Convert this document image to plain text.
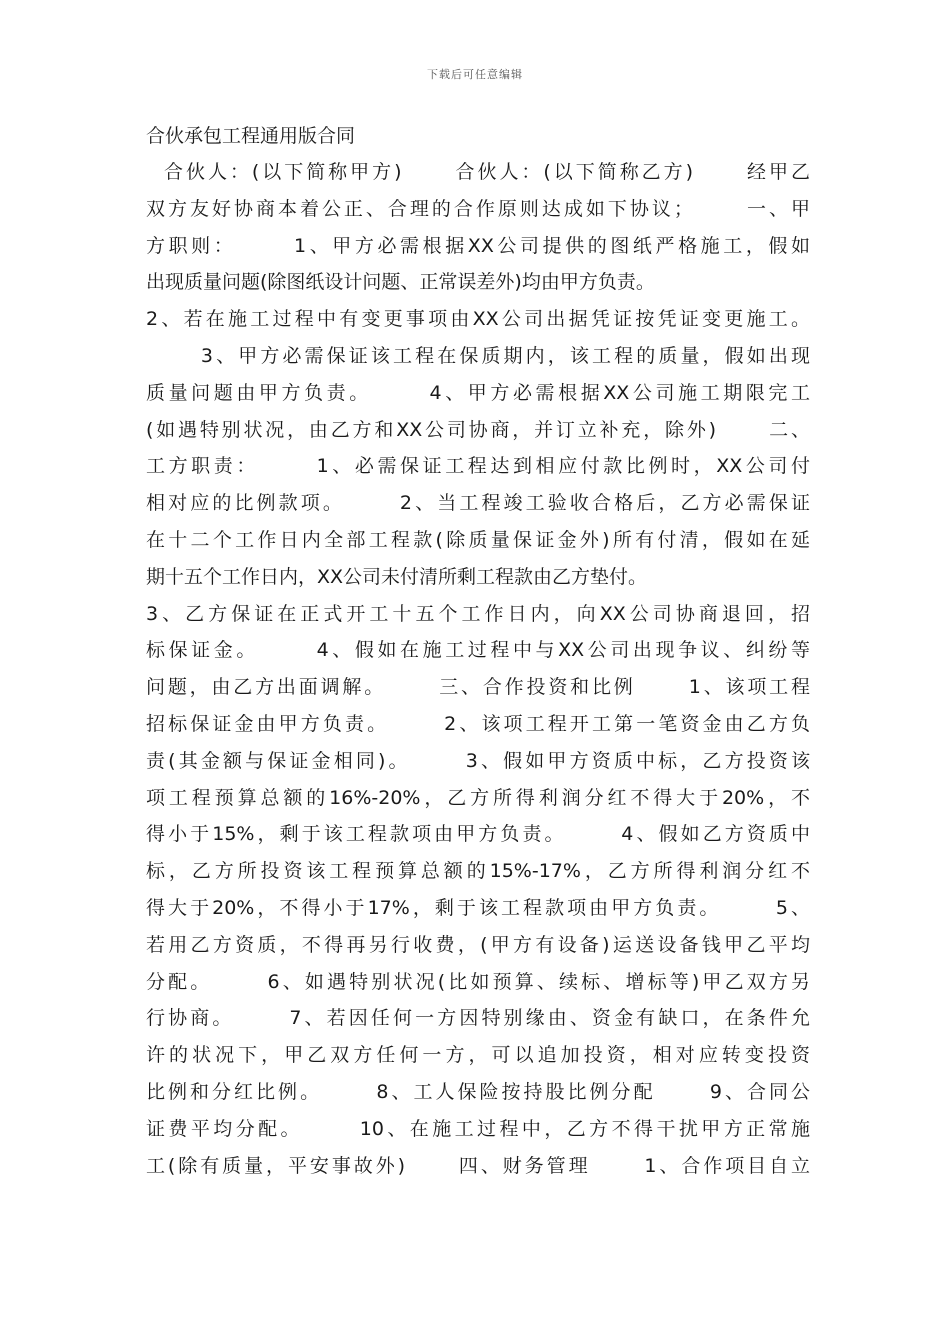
下载后可任意编辑
合伙承包工程通用版合同
合伙人：(以下简称甲方)      合伙人：(以下简称乙方)      经甲乙
双方友好协商本着公正、合理的合作原则达成如下协议；      一、甲
方职则：      1、甲方必需根据XX公司提供的图纸严格施工，假如
出现质量问题(除图纸设计问题、正常误差外)均由甲方负责。
2、若在施工过程中有变更事项由XX公司出据凭证按凭证变更施工。
3、甲方必需保证该工程在保质期内，该工程的质量，假如出现
质量问题由甲方负责。      4、甲方必需根据XX公司施工期限完工
(如遇特别状况，由乙方和XX公司协商，并订立补充，除外)      二、
工方职责：      1、必需保证工程达到相应付款比例时，XX公司付
相对应的比例款项。      2、当工程竣工验收合格后，乙方必需保证
在十二个工作日内全部工程款(除质量保证金外)所有付清，假如在延
期十五个工作日内，XX公司未付清所剩工程款由乙方垫付。
3、乙方保证在正式开工十五个工作日内，向XX公司协商退回，招
标保证金。      4、假如在施工过程中与XX公司出现争议、纠纷等
问题，由乙方出面调解。      三、合作投资和比例      1、该项工程
招标保证金由甲方负责。      2、该项工程开工第一笔资金由乙方负
责(其金额与保证金相同)。      3、假如甲方资质中标，乙方投资该
项工程预算总额的16%-20%，乙方所得利润分红不得大于20%，不
得小于15%，剩于该工程款项由甲方负责。      4、假如乙方资质中
标，乙方所投资该工程预算总额的15%-17%，乙方所得利润分红不
得大于20%，不得小于17%，剩于该工程款项由甲方负责。      5、
若用乙方资质，不得再另行收费，(甲方有设备)运送设备钱甲乙平均
分配。      6、如遇特别状况(比如预算、续标、增标等)甲乙双方另
行协商。      7、若因任何一方因特别缘由、资金有缺口，在条件允
许的状况下，甲乙双方任何一方，可以追加投资，相对应转变投资
比例和分红比例。      8、工人保险按持股比例分配      9、合同公
证费平均分配。      10、在施工过程中，乙方不得干扰甲方正常施
工(除有质量，平安事故外)      四、财务管理      1、合作项目自立
